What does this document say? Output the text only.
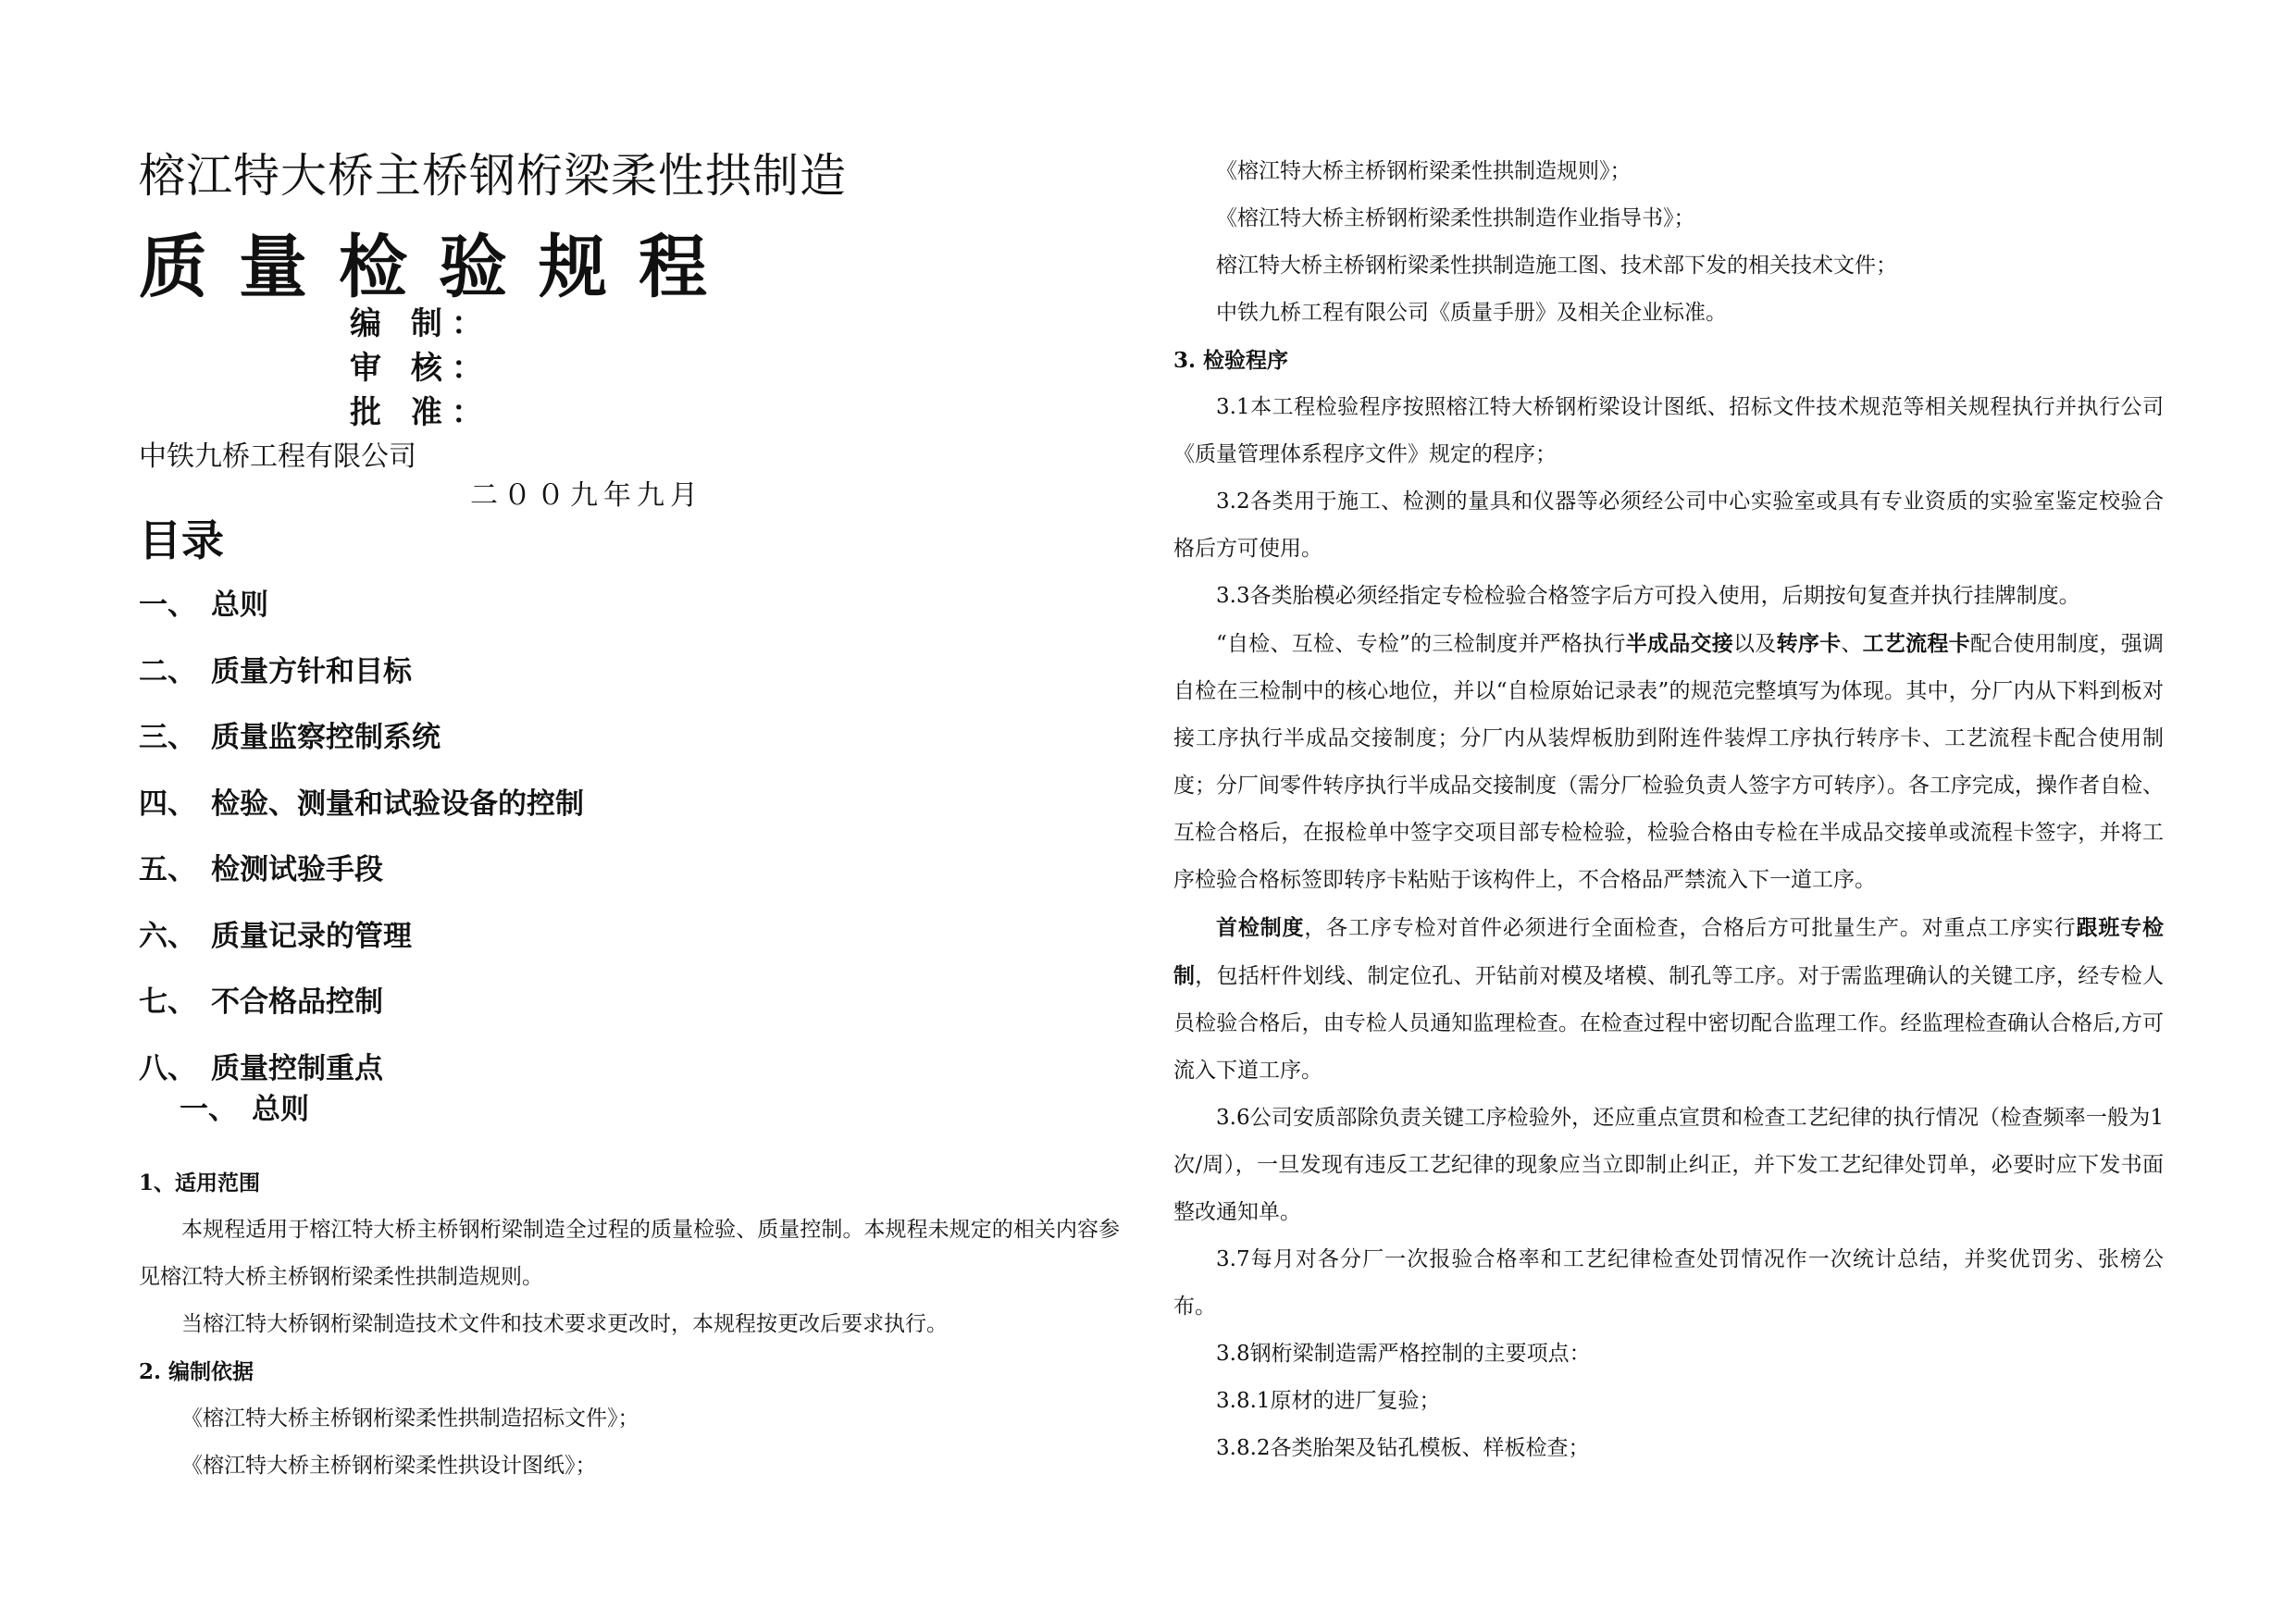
榕江特大桥主桥钢桁梁柔性拱制造
质量检验规程
编 制：
审 核：
批 准：
中铁九桥工程有限公司
二００九年九月
目录
一、 总则
二、 质量方针和目标
三、 质量监察控制系统
四、 检验、测量和试验设备的控制
五、 检测试验手段
六、 质量记录的管理
七、 不合格品控制
八、 质量控制重点
一、 总则
1、适用范围

本规程适用于榕江特大桥主桥钢桁梁制造全过程的质量检验、质量控制。本规程未规定的相关内容参见榕江特大桥主桥钢桁梁柔性拱制造规则。

当榕江特大桥钢桁梁制造技术文件和技术要求更改时，本规程按更改后要求执行。

2. 编制依据

《榕江特大桥主桥钢桁梁柔性拱制造招标文件》；

《榕江特大桥主桥钢桁梁柔性拱设计图纸》；

《榕江特大桥主桥钢桁梁柔性拱制造规则》；

《榕江特大桥主桥钢桁梁柔性拱制造作业指导书》；

榕江特大桥主桥钢桁梁柔性拱制造施工图、技术部下发的相关技术文件；

中铁九桥工程有限公司《质量手册》及相关企业标准。

3. 检验程序

3.1本工程检验程序按照榕江特大桥钢桁梁设计图纸、招标文件技术规范等相关规程执行并执行公司《质量管理体系程序文件》规定的程序；

3.2各类用于施工、检测的量具和仪器等必须经公司中心实验室或具有专业资质的实验室鉴定校验合格后方可使用。

3.3各类胎模必须经指定专检检验合格签字后方可投入使用，后期按旬复查并执行挂牌制度。

“自检、互检、专检”的三检制度并严格执行半成品交接以及转序卡、工艺流程卡配合使用制度，强调自检在三检制中的核心地位，并以“自检原始记录表”的规范完整填写为体现。其中，分厂内从下料到板对接工序执行半成品交接制度；分厂内从装焊板肋到附连件装焊工序执行转序卡、工艺流程卡配合使用制度；分厂间零件转序执行半成品交接制度（需分厂检验负责人签字方可转序）。各工序完成，操作者自检、互检合格后，在报检单中签字交项目部专检检验，检验合格由专检在半成品交接单或流程卡签字，并将工序检验合格标签即转序卡粘贴于该构件上，不合格品严禁流入下一道工序。

首检制度，各工序专检对首件必须进行全面检查，合格后方可批量生产。对重点工序实行跟班专检制，包括杆件划线、制定位孔、开钻前对模及堵模、制孔等工序。对于需监理确认的关键工序，经专检人员检验合格后，由专检人员通知监理检查。在检查过程中密切配合监理工作。经监理检查确认合格后,方可流入下道工序。

3.6公司安质部除负责关键工序检验外，还应重点宣贯和检查工艺纪律的执行情况（检查频率一般为1次/周），一旦发现有违反工艺纪律的现象应当立即制止纠正，并下发工艺纪律处罚单，必要时应下发书面整改通知单。

3.7每月对各分厂一次报验合格率和工艺纪律检查处罚情况作一次统计总结，并奖优罚劣、张榜公布。

3.8钢桁梁制造需严格控制的主要项点：

3.8.1原材的进厂复验；

3.8.2各类胎架及钻孔模板、样板检查；
